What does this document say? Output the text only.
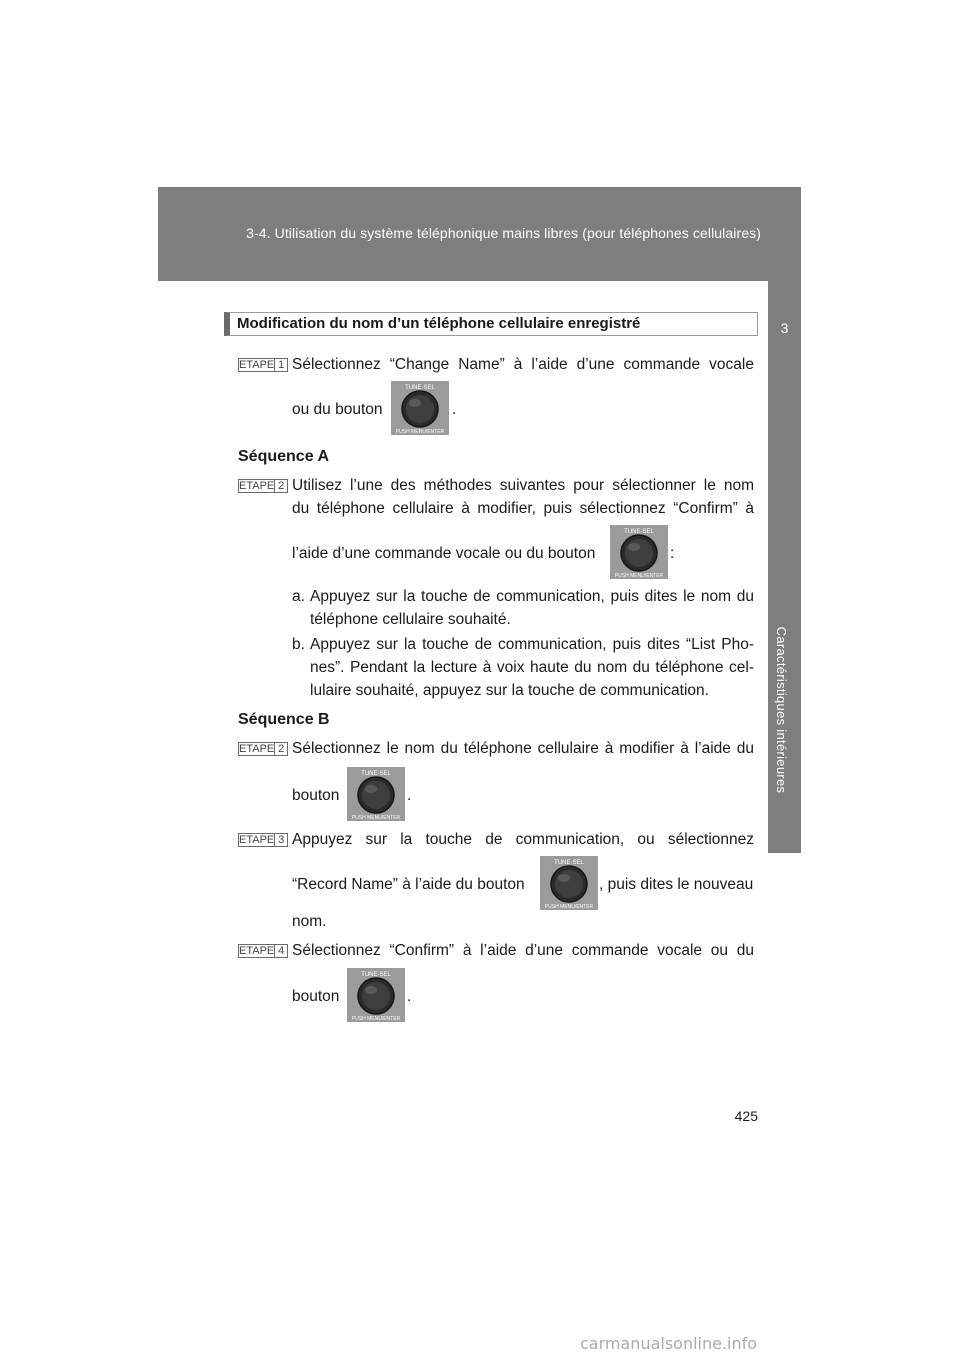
3-4. Utilisation du système téléphonique mains libres (pour téléphones cellulaires)
3
Caractéristiques intérieures
Modification du nom d’un téléphone cellulaire enregistré
ETAPE 1 Sélectionnez “Change Name” à l’aide d’une commande vocale
ou du bouton
TUNE·SEL
PUSH MENU/ENTER
.
Séquence A
ETAPE 2 Utilisez l’une des méthodes suivantes pour sélectionner le nom
du téléphone cellulaire à modifier, puis sélectionnez “Confirm” à
l’aide d’une commande vocale ou du bouton
TUNE·SEL
PUSH MENU/ENTER
:
a. Appuyez sur la touche de communication, puis dites le nom du
téléphone cellulaire souhaité.
b. Appuyez sur la touche de communication, puis dites “List Pho-
nes”. Pendant la lecture à voix haute du nom du téléphone cel-
lulaire souhaité, appuyez sur la touche de communication.
Séquence B
ETAPE 2 Sélectionnez le nom du téléphone cellulaire à modifier à l’aide du
bouton
TUNE·SEL
PUSH MENU/ENTER
.
ETAPE 3 Appuyez sur la touche de communication, ou sélectionnez
“Record Name” à l’aide du bouton
TUNE·SEL
PUSH MENU/ENTER
, puis dites le nouveau
nom.
ETAPE 4 Sélectionnez “Confirm” à l’aide d’une commande vocale ou du
bouton
TUNE·SEL
PUSH MENU/ENTER
.
425
carmanualsonline.info
